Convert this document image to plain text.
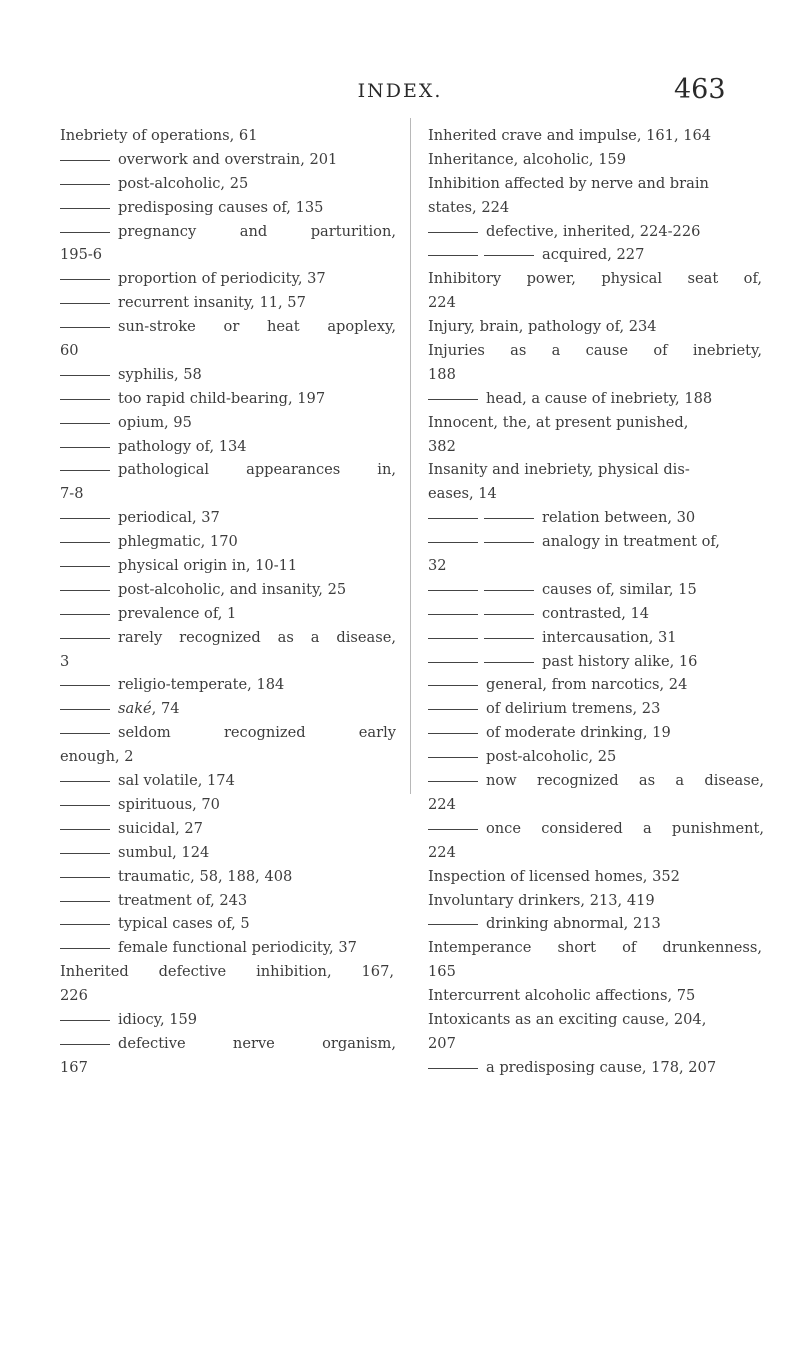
INDEX.	463
Inebriety of operations, 61
overwork and overstrain, 201
post-alcoholic, 25
predisposing causes of, 135
pregnancy and parturition,
195-6
proportion of periodicity, 37
recurrent insanity, 11, 57
sun-stroke or heat apoplexy,
60
syphilis, 58
too rapid child-bearing, 197
opium, 95
pathology of, 134
pathological appearances in,
7-8
periodical, 37
phlegmatic, 170
physical origin in, 10-11
post-alcoholic, and insanity, 25
prevalence of, 1
rarely recognized as a disease,
3
religio-temperate, 184
saké, 74
seldom recognized early
enough, 2
sal volatile, 174
spirituous, 70
suicidal, 27
sumbul, 124
traumatic, 58, 188, 408
treatment of, 243
typical cases of, 5
female functional periodicity, 37
Inherited defective inhibition, 167,
226
idiocy, 159
defective nerve organism,
167
Inherited crave and impulse, 161, 164
Inheritance, alcoholic, 159
Inhibition affected by nerve and brain
states, 224
defective, inherited, 224-226
acquired, 227
Inhibitory power, physical seat of,
224
Injury, brain, pathology of, 234
Injuries as a cause of inebriety,
188
head, a cause of inebriety, 188
Innocent, the, at present punished,
382
Insanity and inebriety, physical dis-
eases, 14
relation between, 30
analogy in treatment of,
32
causes of, similar, 15
contrasted, 14
intercausation, 31
past history alike, 16
general, from narcotics, 24
of delirium tremens, 23
of moderate drinking, 19
post-alcoholic, 25
now recognized as a disease,
224
once considered a punishment,
224
Inspection of licensed homes, 352
Involuntary drinkers, 213, 419
drinking abnormal, 213
Intemperance short of drunkenness,
165
Intercurrent alcoholic affections, 75
Intoxicants as an exciting cause, 204,
207
a predisposing cause, 178, 207
